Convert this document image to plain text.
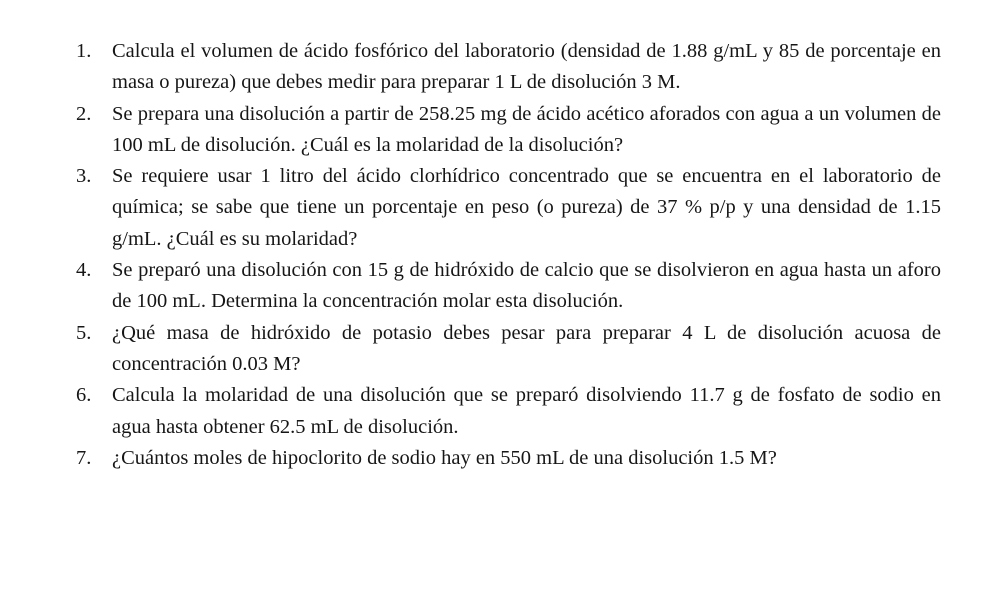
1. Calcula el volumen de ácido fosfórico del laboratorio (densidad de 1.88 g/mL y 85 de porcentaje en masa o pureza) que debes medir para preparar 1 L de disolución 3 M.
2. Se prepara una disolución a partir de 258.25 mg de ácido acético aforados con agua a un volumen de 100 mL de disolución. ¿Cuál es la molaridad de la disolución?
3. Se requiere usar 1 litro del ácido clorhídrico concentrado que se encuentra en el laboratorio de química; se sabe que tiene un porcentaje en peso (o pureza) de 37 % p/p y una densidad de 1.15 g/mL. ¿Cuál es su molaridad?
4. Se preparó una disolución con 15 g de hidróxido de calcio que se disolvieron en agua hasta un aforo de 100 mL. Determina la concentración molar esta disolución.
5. ¿Qué masa de hidróxido de potasio debes pesar para preparar 4 L de disolución acuosa de concentración 0.03 M?
6. Calcula la molaridad de una disolución que se preparó disolviendo 11.7 g de fosfato de sodio en agua hasta obtener 62.5 mL de disolución.
7. ¿Cuántos moles de hipoclorito de sodio hay en 550 mL de una disolución 1.5 M?
